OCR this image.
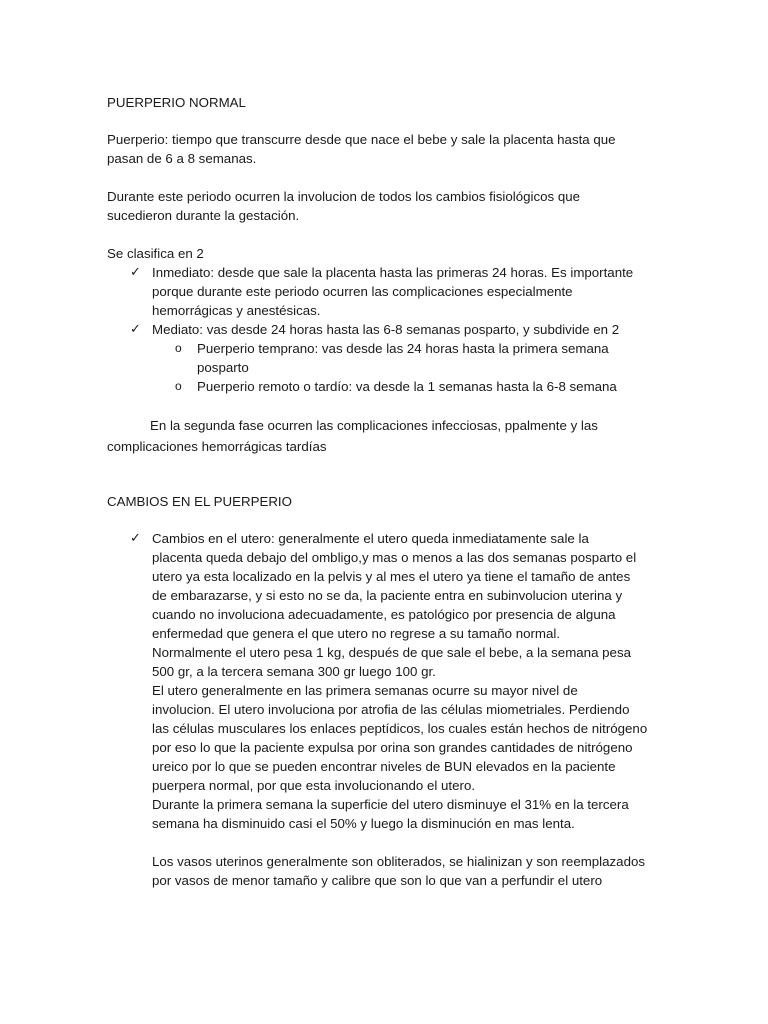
PUERPERIO NORMAL
Puerperio: tiempo que transcurre desde que nace el bebe y sale la placenta hasta que
pasan de 6 a 8 semanas.
Durante este periodo ocurren la involucion de todos los cambios fisiológicos que
sucedieron durante la gestación.
Se clasifica en 2
✓ Inmediato: desde que sale la placenta hasta las primeras 24 horas. Es importante
porque durante este periodo ocurren las complicaciones especialmente
hemorrágicas y anestésicas.
✓ Mediato: vas desde 24 horas hasta las 6-8 semanas posparto, y subdivide en 2
o Puerperio temprano: vas desde las 24 horas hasta la primera semana
posparto
o Puerperio remoto o tardío: va desde la 1 semanas hasta la 6-8 semana
En la segunda fase ocurren las complicaciones infecciosas, ppalmente y las
complicaciones hemorrágicas tardías
CAMBIOS EN EL PUERPERIO
✓ Cambios en el utero: generalmente el utero queda inmediatamente sale la
placenta queda debajo del ombligo,y mas o menos a las dos semanas posparto el
utero ya esta localizado en la pelvis y al mes el utero ya tiene el tamaño de antes
de embarazarse, y si esto no se da, la paciente entra en subinvolucion uterina y
cuando no involuciona adecuadamente, es patológico por presencia de alguna
enfermedad que genera el que utero no regrese a su tamaño normal.
Normalmente el utero pesa 1 kg, después de que sale el bebe, a la semana pesa
500 gr, a la tercera semana 300 gr luego 100 gr.
El utero generalmente en las primera semanas ocurre su mayor nivel de
involucion. El utero involuciona por atrofia de las células miometriales. Perdiendo
las células musculares los enlaces peptídicos, los cuales están hechos de nitrógeno
por eso lo que la paciente expulsa por orina son grandes cantidades de nitrógeno
ureico por lo que se pueden encontrar niveles de BUN elevados en la paciente
puerpera normal, por que esta involucionando el utero.
Durante la primera semana la superficie del utero disminuye el 31% en la tercera
semana ha disminuido casi el 50% y luego la disminución en mas lenta.
Los vasos uterinos generalmente son obliterados, se hialinizan y son reemplazados
por vasos de menor tamaño y calibre que son lo que van a perfundir el utero
